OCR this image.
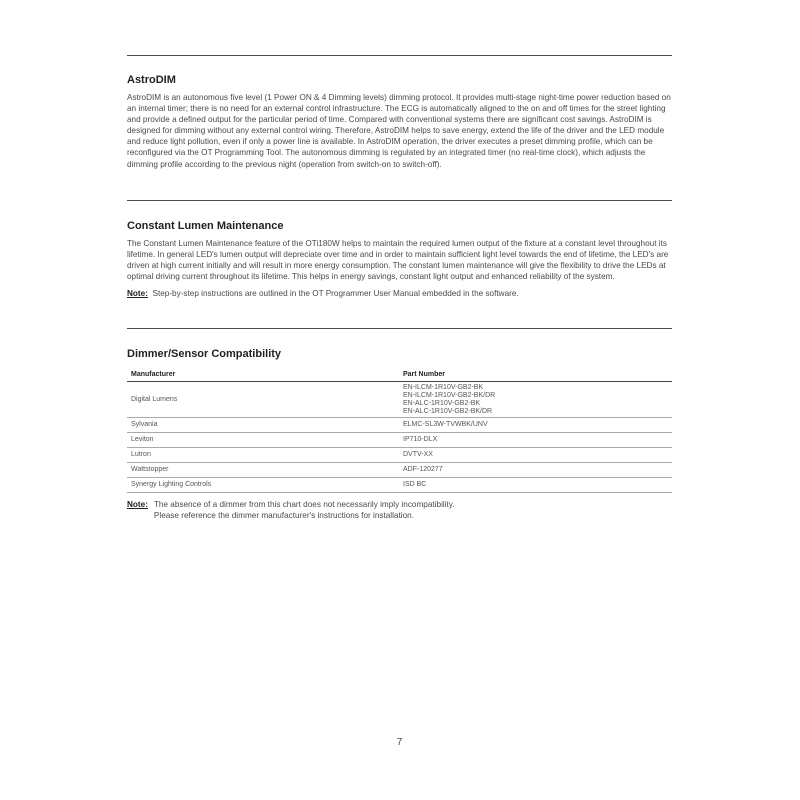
AstroDIM

AstroDIM is an autonomous five level (1 Power ON & 4 Dimming levels) dimming protocol. It provides multi-stage night-time power reduction based on an internal timer; there is no need for an external control infrastructure. The ECG is automatically aligned to the on and off times for the street lighting and provide a defined output for the particular period of time. Compared with conventional systems there are significant cost savings. AstroDIM is designed for dimming without any external control wiring. Therefore, AstroDIM helps to save energy, extend the life of the driver and the LED module and reduce light pollution, even if only a power line is available. In AstroDIM operation, the driver executes a preset dimming profile, which can be reconfigured via the OT Programming Tool. The autonomous dimming is regulated by an integrated timer (no real-time clock), which adjusts the dimming profile according to the previous night (operation from switch-on to switch-off).

Constant Lumen Maintenance

The Constant Lumen Maintenance feature of the OTi180W helps to maintain the required lumen output of the fixture at a constant level throughout its lifetime. In general LED's lumen output will depreciate over time and in order to maintain sufficient light level towards the end of lifetime, the LED's are driven at high current initially and will result in more energy consumption. The constant lumen maintenance will give the flexibility to drive the LEDs at optimal driving current throughout its lifetime. This helps in energy savings, constant light output and enhanced reliability of the system.

Note: Step-by-step instructions are outlined in the OT Programmer User Manual embedded in the software.

Dimmer/Sensor Compatibility
Manufacturer	Part Number
Digital Lumens	EN-ILCM-1R10V-GB2-BK
EN-ILCM-1R10V-GB2-BK/DR
EN-ALC-1R10V-GB2-BK
EN-ALC-1R10V-GB2-BK/DR

Sylvania	ELMC-SL3W-TVWBK/UNV
Leviton	IP710-DLX
Lutron	DVTV-XX
Wattstopper	ADF-120277
Synergy Lighting Controls	ISD BC
Note: The absence of a dimmer from this chart does not necessarily imply incompatibility.
Please reference the dimmer manufacturer's instructions for installation.
7
